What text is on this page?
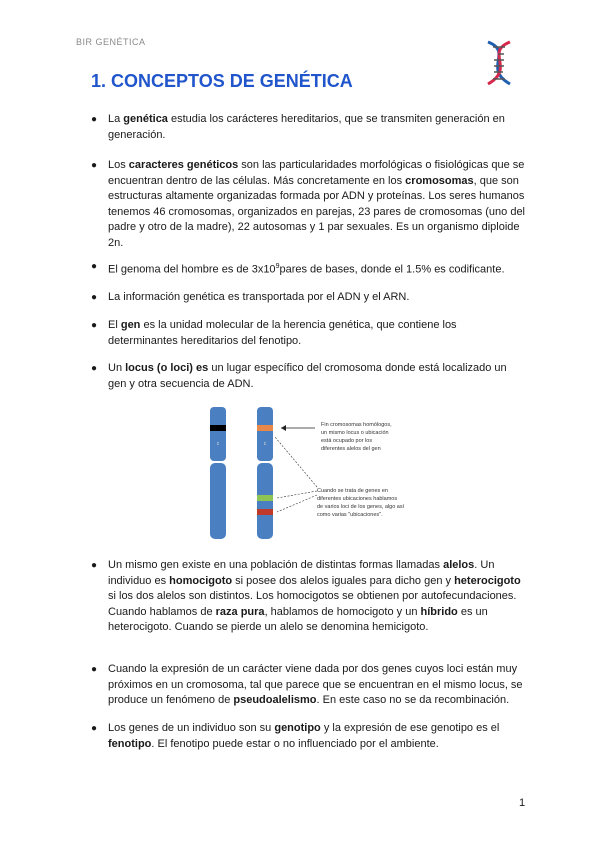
BIR GENÉTICA
1. CONCEPTOS DE GENÉTICA
● La genética estudia los carácteres hereditarios, que se transmiten generación en generación.
● Los caracteres genéticos son las particularidades morfológicas o fisiológicas que se encuentran dentro de las células. Más concretamente en los cromosomas, que son estructuras altamente organizadas formada por ADN y proteínas. Los seres humanos tenemos 46 cromosomas, organizados en parejas, 23 pares de cromosomas (uno del padre y otro de la madre), 22 autosomas y 1 par sexuales. Es un organismo diploide 2n.
● El genoma del hombre es de $3x10^9pares$ de bases, donde el 1.5% es codificante.
● La información genética es transportada por el ADN y el ARN.
● El gen es la unidad molecular de la herencia genética, que contiene los determinantes hereditarios del fenotipo.
● Un locus (o loci) es un lugar específico del cromosoma donde está localizado un gen y otra secuencia de ADN.
c	c
Fin cromosomas homólogos,
un mismo locus o ubicación
está ocupado por los
diferentes alelos del gen
Cuando se trata de genes en
diferentes ubicaciones hablamos
de varios loci de los genes, algo así
como varias "ubicaciones".
● Un mismo gen existe en una población de distintas formas llamadas alelos. Un individuo es homocigoto si posee dos alelos iguales para dicho gen y heterocigoto si los dos alelos son distintos. Los homocigotos se obtienen por autofecundaciones. Cuando hablamos de raza pura, hablamos de homocigoto y un híbrido es un heterocigoto. Cuando se pierde un alelo se denomina hemicigoto.
● Cuando la expresión de un carácter viene dada por dos genes cuyos loci están muy próximos en un cromosoma, tal que parece que se encuentran en el mismo locus, se produce un fenómeno de pseudoalelismo. En este caso no se da recombinación.
● Los genes de un individuo son su genotipo y la expresión de ese genotipo es el fenotipo. El fenotipo puede estar o no influenciado por el ambiente.
1
